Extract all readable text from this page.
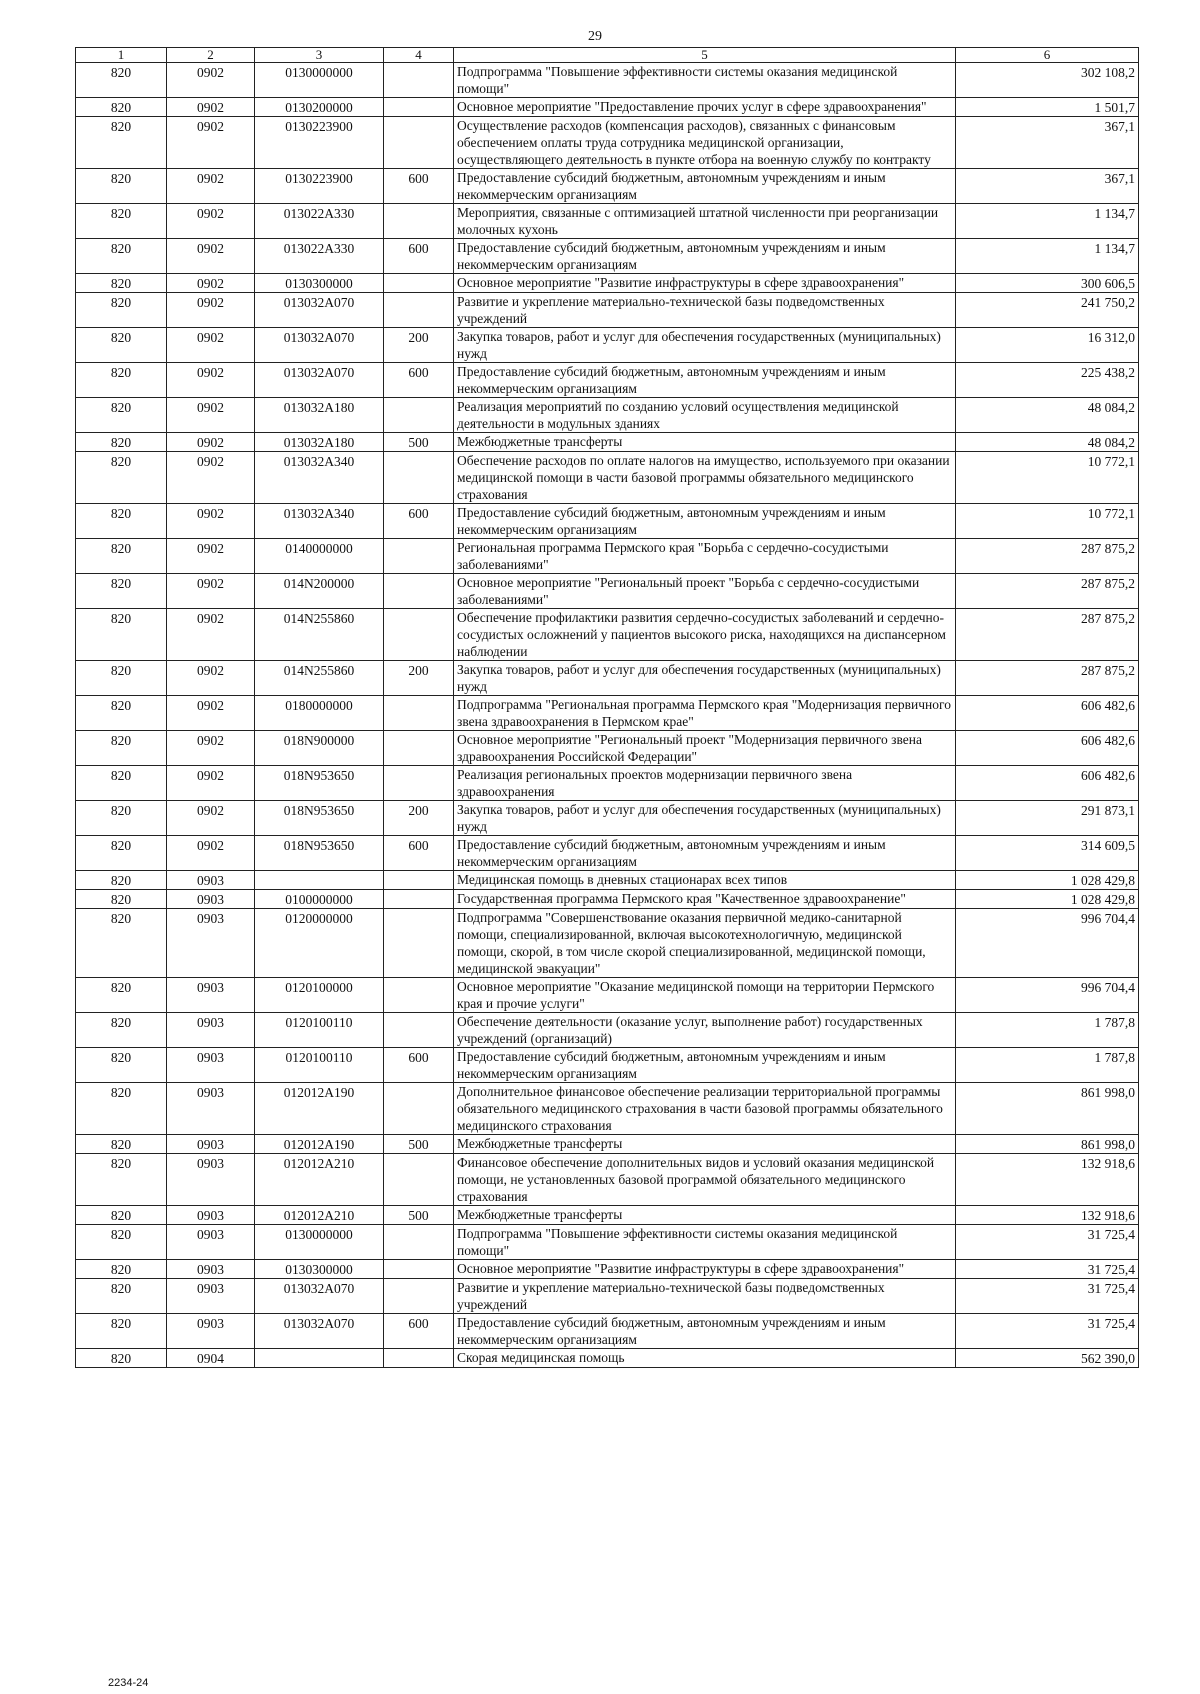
29
1	2	3	4	5	6
820	0902	0130000000		Подпрограмма "Повышение эффективности системы оказания медицинской помощи"	302 108,2
820	0902	0130200000		Основное мероприятие "Предоставление прочих услуг в сфере здравоохранения"	1 501,7
820	0902	0130223900		Осуществление расходов (компенсация расходов), связанных с финансовым обеспечением оплаты труда сотрудника медицинской организации, осуществляющего деятельность в пункте отбора на военную службу по контракту	367,1
820	0902	0130223900	600	Предоставление субсидий бюджетным, автономным учреждениям и иным некоммерческим организациям	367,1
820	0902	013022А330		Мероприятия, связанные с оптимизацией штатной численности при реорганизации молочных кухонь	1 134,7
820	0902	013022А330	600	Предоставление субсидий бюджетным, автономным учреждениям и иным некоммерческим организациям	1 134,7
820	0902	0130300000		Основное мероприятие "Развитие инфраструктуры в сфере здравоохранения"	300 606,5
820	0902	013032А070		Развитие и укрепление материально-технической базы подведомственных учреждений	241 750,2
820	0902	013032А070	200	Закупка товаров, работ и услуг для обеспечения государственных (муниципальных) нужд	16 312,0
820	0902	013032А070	600	Предоставление субсидий бюджетным, автономным учреждениям и иным некоммерческим организациям	225 438,2
820	0902	013032А180		Реализация мероприятий по созданию условий осуществления медицинской деятельности в модульных зданиях	48 084,2
820	0902	013032А180	500	Межбюджетные трансферты	48 084,2
820	0902	013032А340		Обеспечение расходов по оплате налогов на имущество, используемого при оказании медицинской помощи в части базовой программы обязательного медицинского страхования	10 772,1
820	0902	013032А340	600	Предоставление субсидий бюджетным, автономным учреждениям и иным некоммерческим организациям	10 772,1
820	0902	0140000000		Региональная программа Пермского края "Борьба с сердечно-сосудистыми заболеваниями"	287 875,2
820	0902	014N200000		Основное мероприятие "Региональный проект "Борьба с сердечно-сосудистыми заболеваниями"	287 875,2
820	0902	014N255860		Обеспечение профилактики развития сердечно-сосудистых заболеваний и сердечно-сосудистых осложнений у пациентов высокого риска, находящихся на диспансерном наблюдении	287 875,2
820	0902	014N255860	200	Закупка товаров, работ и услуг для обеспечения государственных (муниципальных) нужд	287 875,2
820	0902	0180000000		Подпрограмма "Региональная программа Пермского края "Модернизация первичного звена здравоохранения в Пермском крае"	606 482,6
820	0902	018N900000		Основное мероприятие "Региональный проект "Модернизация первичного звена здравоохранения Российской Федерации"	606 482,6
820	0902	018N953650		Реализация региональных проектов модернизации первичного звена здравоохранения	606 482,6
820	0902	018N953650	200	Закупка товаров, работ и услуг для обеспечения государственных (муниципальных) нужд	291 873,1
820	0902	018N953650	600	Предоставление субсидий бюджетным, автономным учреждениям и иным некоммерческим организациям	314 609,5
820	0903			Медицинская помощь в дневных стационарах всех типов	1 028 429,8
820	0903	0100000000		Государственная программа Пермского края "Качественное здравоохранение"	1 028 429,8
820	0903	0120000000		Подпрограмма "Совершенствование оказания первичной медико-санитарной помощи, специализированной, включая высокотехнологичную, медицинской помощи, скорой, в том числе скорой специализированной, медицинской помощи, медицинской эвакуации"	996 704,4
820	0903	0120100000		Основное мероприятие "Оказание медицинской помощи на территории Пермского края и прочие услуги"	996 704,4
820	0903	0120100110		Обеспечение деятельности (оказание услуг, выполнение работ) государственных учреждений (организаций)	1 787,8
820	0903	0120100110	600	Предоставление субсидий бюджетным, автономным учреждениям и иным некоммерческим организациям	1 787,8
820	0903	012012А190		Дополнительное финансовое обеспечение реализации территориальной программы обязательного медицинского страхования в части базовой программы обязательного медицинского страхования	861 998,0
820	0903	012012А190	500	Межбюджетные трансферты	861 998,0
820	0903	012012А210		Финансовое обеспечение дополнительных видов и условий оказания медицинской помощи, не установленных базовой программой обязательного медицинского страхования	132 918,6
820	0903	012012А210	500	Межбюджетные трансферты	132 918,6
820	0903	0130000000		Подпрограмма "Повышение эффективности системы оказания медицинской помощи"	31 725,4
820	0903	0130300000		Основное мероприятие "Развитие инфраструктуры в сфере здравоохранения"	31 725,4
820	0903	013032А070		Развитие и укрепление материально-технической базы подведомственных учреждений	31 725,4
820	0903	013032А070	600	Предоставление субсидий бюджетным, автономным учреждениям и иным некоммерческим организациям	31 725,4
820	0904			Скорая медицинская помощь	562 390,0
2234-24
